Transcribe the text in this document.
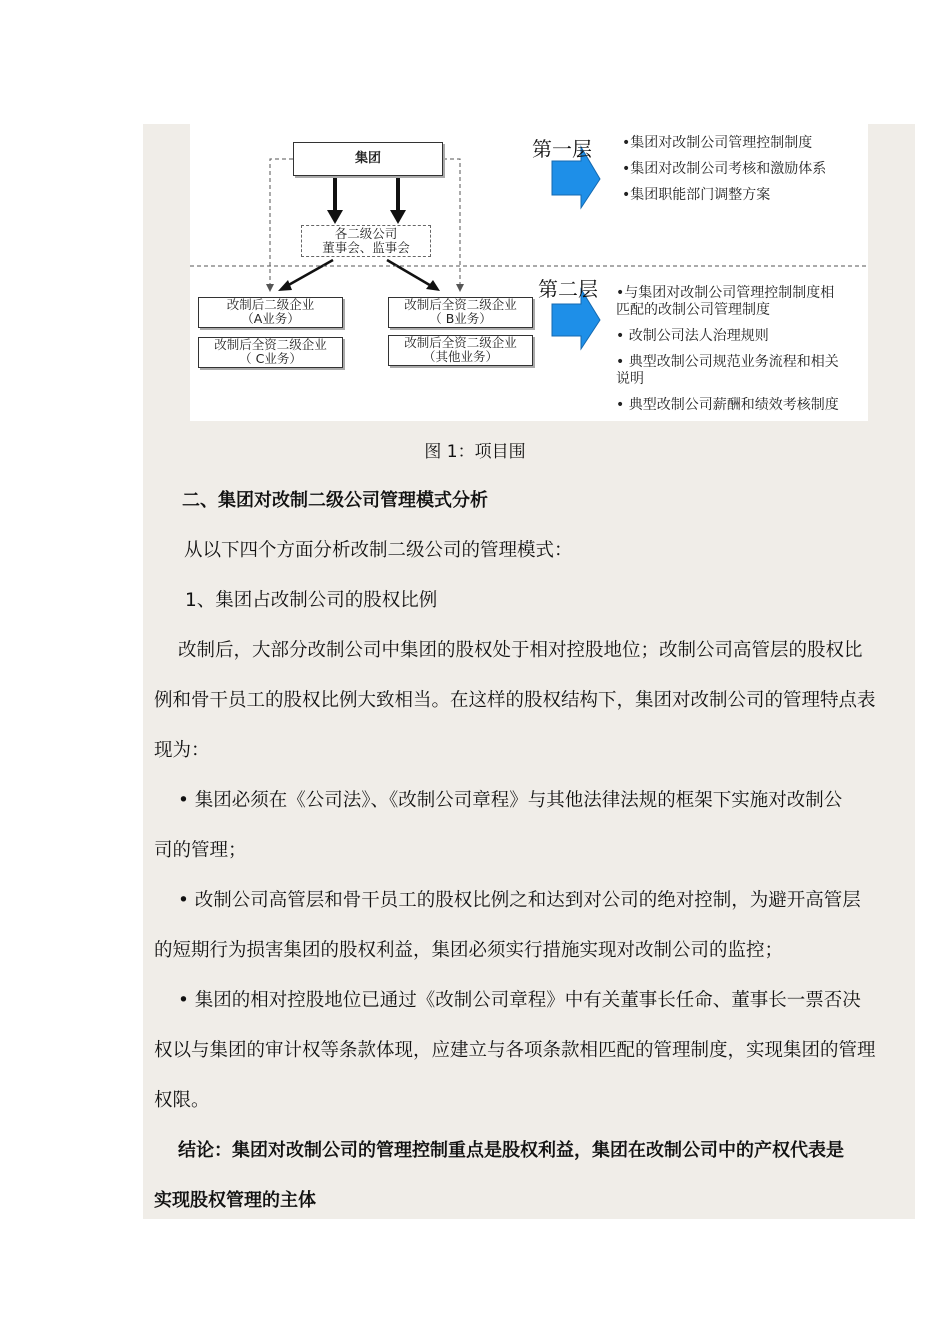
集团
各二级公司
董事会、监事会
改制后二级企业
（A业务）
改制后全资二级企业
（ B业务）
改制后全资二级企业
（ C业务）
改制后全资二级企业
（其他业务）
第一层 •集团对改制公司管理控制制度
•集团对改制公司考核和激励体系
•集团职能部门调整方案
第二层 •与集团对改制公司管理控制制度相
匹配的改制公司管理制度
• 改制公司法人治理规则
• 典型改制公司规范业务流程和相关
说明
• 典型改制公司薪酬和绩效考核制度
图 1：项目围
二、集团对改制二级公司管理模式分析
从以下四个方面分析改制二级公司的管理模式：
1、集团占改制公司的股权比例
改制后，大部分改制公司中集团的股权处于相对控股地位；改制公司高管层的股权比
例和骨干员工的股权比例大致相当。在这样的股权结构下，集团对改制公司的管理特点表
现为：
• 集团必须在《公司法》、《改制公司章程》与其他法律法规的框架下实施对改制公
司的管理；
• 改制公司高管层和骨干员工的股权比例之和达到对公司的绝对控制，为避开高管层
的短期行为损害集团的股权利益，集团必须实行措施实现对改制公司的监控；
• 集团的相对控股地位已通过《改制公司章程》中有关董事长任命、董事长一票否决
权以与集团的审计权等条款体现，应建立与各项条款相匹配的管理制度，实现集团的管理
权限。
结论：集团对改制公司的管理控制重点是股权利益，集团在改制公司中的产权代表是
实现股权管理的主体
